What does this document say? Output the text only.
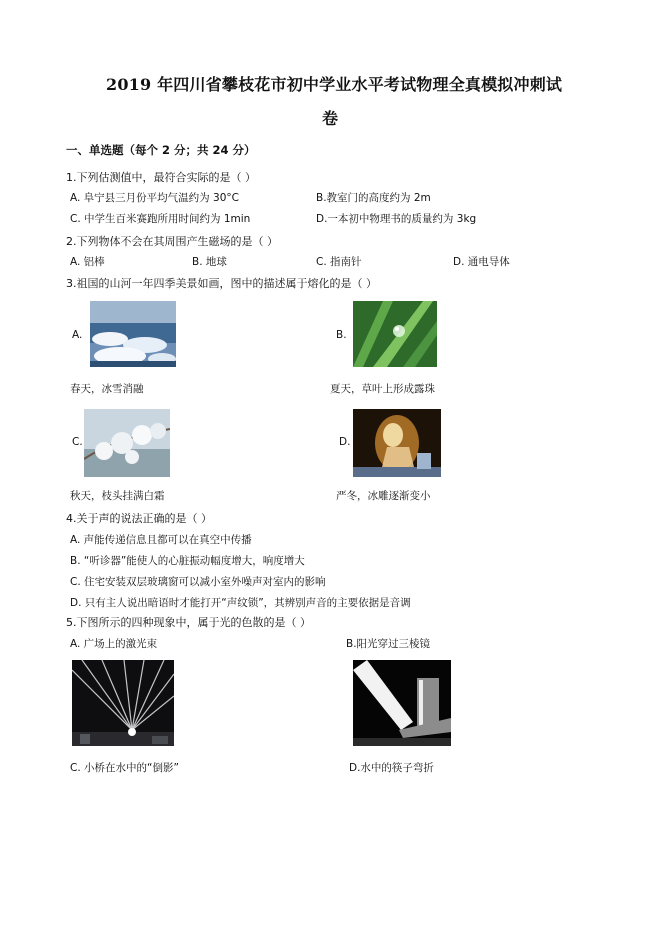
2019 年四川省攀枝花市初中学业水平考试物理全真模拟冲刺试
卷
一、单选题（每个 2 分；共 24 分）
1.下列估测值中，最符合实际的是（ ）
A. 阜宁县三月份平均气温约为 30°C	B.教室门的高度约为 2m
C. 中学生百米赛跑所用时间约为 1min	D.一本初中物理书的质量约为 3kg
2.下列物体不会在其周围产生磁场的是（ ）
A. 铝棒	B. 地球	C. 指南针	D. 通电导体
3.祖国的山河一年四季美景如画，图中的描述属于熔化的是（ ）
A.
春天，冰雪消融
B.
夏天，草叶上形成露珠
C.
秋天，枝头挂满白霜
D.
严冬，冰雕逐渐变小
4.关于声的说法正确的是（ ）
A. 声能传递信息且都可以在真空中传播
B. “听诊器”能使人的心脏振动幅度增大，响度增大
C. 住宅安装双层玻璃窗可以减小室外噪声对室内的影响
D. 只有主人说出暗语时才能打开“声纹锁”，其辨别声音的主要依据是音调
5.下图所示的四种现象中，属于光的色散的是（ ）
A. 广场上的激光束	B.阳光穿过三棱镜
C. 小桥在水中的“倒影”	D.水中的筷子弯折
